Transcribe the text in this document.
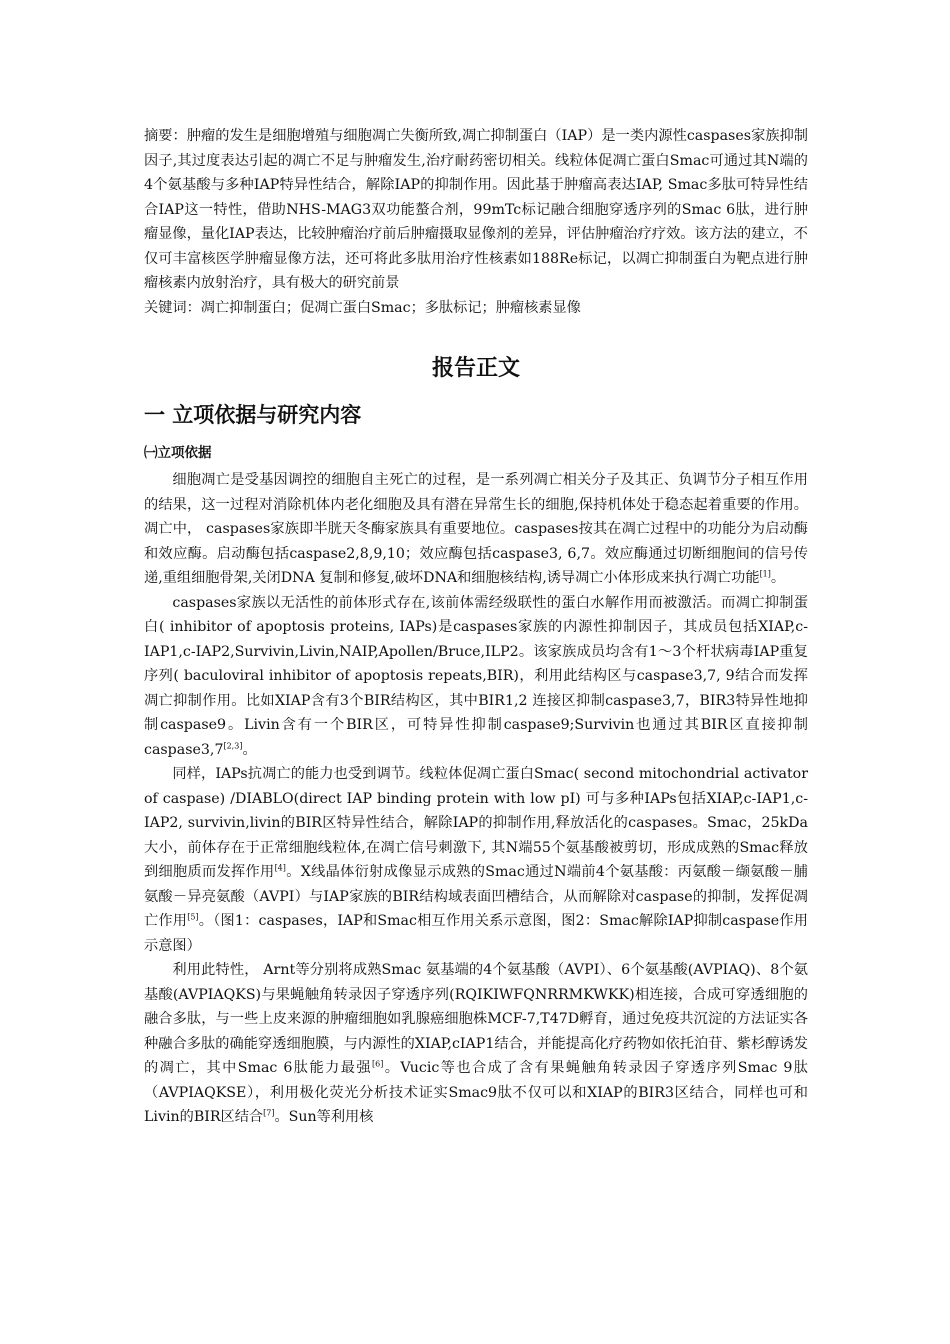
摘要：肿瘤的发生是细胞增殖与细胞凋亡失衡所致,凋亡抑制蛋白（IAP）是一类内源性caspases家族抑制因子,其过度表达引起的凋亡不足与肿瘤发生,治疗耐药密切相关。线粒体促凋亡蛋白Smac可通过其N端的4个氨基酸与多种IAP特异性结合，解除IAP的抑制作用。因此基于肿瘤高表达IAP, Smac多肽可特异性结合IAP这一特性，借助NHS-MAG3双功能螯合剂，99mTc标记融合细胞穿透序列的Smac 6肽，进行肿瘤显像，量化IAP表达，比较肿瘤治疗前后肿瘤摄取显像剂的差异，评估肿瘤治疗疗效。该方法的建立，不仅可丰富核医学肿瘤显像方法，还可将此多肽用治疗性核素如188Re标记，以凋亡抑制蛋白为靶点进行肿瘤核素内放射治疗，具有极大的研究前景

关键词：凋亡抑制蛋白；促凋亡蛋白Smac；多肽标记；肿瘤核素显像

报告正文
一 立项依据与研究内容
㈠立项依据

细胞凋亡是受基因调控的细胞自主死亡的过程，是一系列凋亡相关分子及其正、负调节分子相互作用的结果，这一过程对消除机体内老化细胞及具有潜在异常生长的细胞,保持机体处于稳态起着重要的作用。凋亡中， caspases家族即半胱天冬酶家族具有重要地位。caspases按其在凋亡过程中的功能分为启动酶和效应酶。启动酶包括caspase2,8,9,10；效应酶包括caspase3, 6,7。效应酶通过切断细胞间的信号传递,重组细胞骨架,关闭DNA 复制和修复,破坏DNA和细胞核结构,诱导凋亡小体形成来执行凋亡功能[1]。

caspases家族以无活性的前体形式存在,该前体需经级联性的蛋白水解作用而被激活。而凋亡抑制蛋白( inhibitor of apoptosis proteins, IAPs)是caspases家族的内源性抑制因子，其成员包括XIAP,c-IAP1,c-IAP2,Survivin,Livin,NAIP,Apollen/Bruce,ILP2。该家族成员均含有1～3个杆状病毒IAP重复序列( baculoviral inhibitor of apoptosis repeats,BIR)，利用此结构区与caspase3,7, 9结合而发挥凋亡抑制作用。比如XIAP含有3个BIR结构区，其中BIR1,2 连接区抑制caspase3,7，BIR3特异性地抑制caspase9。Livin含有一个BIR区，可特异性抑制caspase9;Survivin也通过其BIR区直接抑制caspase3,7[2,3]。

同样，IAPs抗凋亡的能力也受到调节。线粒体促凋亡蛋白Smac( second mitochondrial activator of caspase) /DIABLO(direct IAP binding protein with low pI) 可与多种IAPs包括XIAP,c-IAP1,c-IAP2, survivin,livin的BIR区特异性结合，解除IAP的抑制作用,释放活化的caspases。Smac，25kDa大小，前体存在于正常细胞线粒体,在凋亡信号刺激下, 其N端55个氨基酸被剪切，形成成熟的Smac释放到细胞质而发挥作用[4]。X线晶体衍射成像显示成熟的Smac通过N端前4个氨基酸：丙氨酸－缬氨酸－脯氨酸－异亮氨酸（AVPI）与IAP家族的BIR结构域表面凹槽结合，从而解除对caspase的抑制，发挥促凋亡作用[5]。（图1：caspases，IAP和Smac相互作用关系示意图，图2：Smac解除IAP抑制caspase作用示意图）

利用此特性， Arnt等分别将成熟Smac 氨基端的4个氨基酸（AVPI）、6个氨基酸(AVPIAQ)、8个氨基酸(AVPIAQKS)与果蝇触角转录因子穿透序列(RQIKIWFQNRRMKWKK)相连接，合成可穿透细胞的融合多肽，与一些上皮来源的肿瘤细胞如乳腺癌细胞株MCF-7,T47D孵育，通过免疫共沉淀的方法证实各种融合多肽的确能穿透细胞膜，与内源性的XIAP,cIAP1结合，并能提高化疗药物如依托泊苷、紫杉醇诱发的凋亡，其中Smac 6肽能力最强[6]。Vucic等也合成了含有果蝇触角转录因子穿透序列Smac 9肽（AVPIAQKSE），利用极化荧光分析技术证实Smac9肽不仅可以和XIAP的BIR3区结合，同样也可和Livin的BIR区结合[7]。Sun等利用核
